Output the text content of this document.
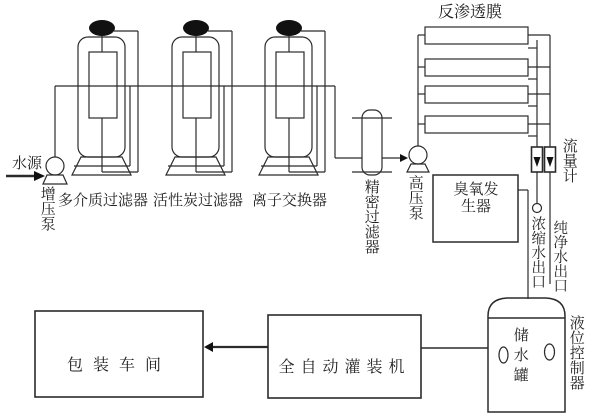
水源
增压泵 多介质过滤器 活性炭过滤器 离子交换器 精密过滤器 高压泵
反渗透膜
流量计
浓缩水出口 纯净水出口
臭氧发生器
储水罐	液位控制器
全自动灌装机
包装车间
